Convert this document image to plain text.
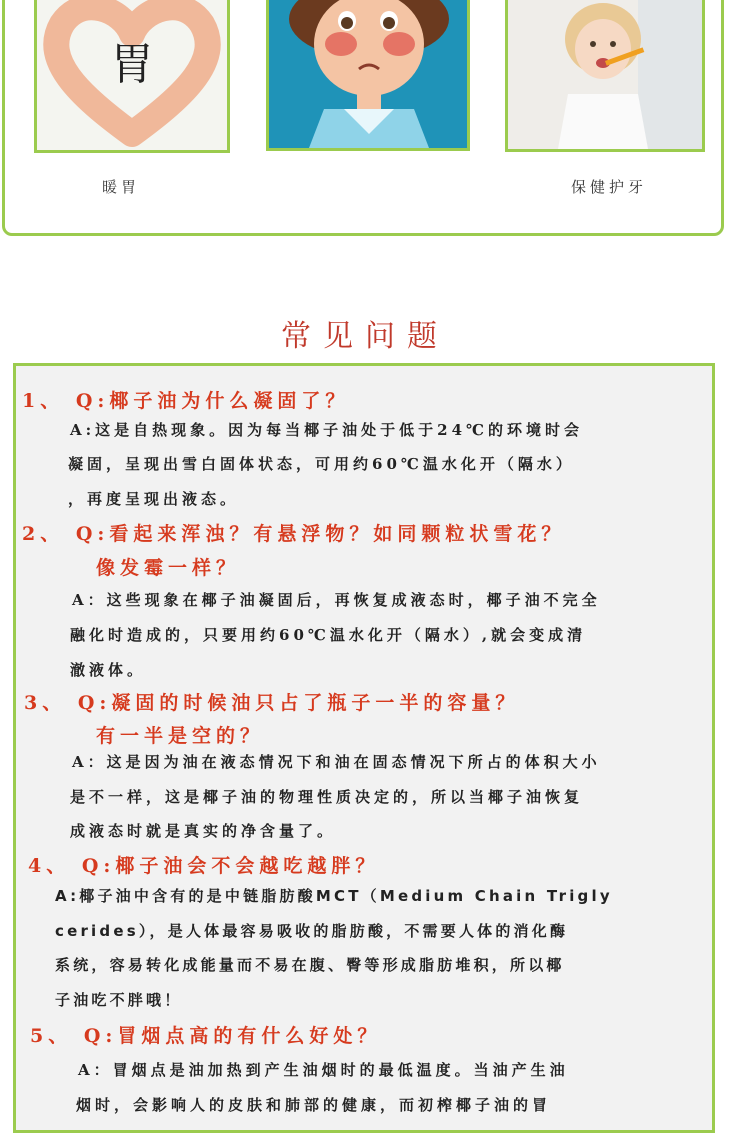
胃
暖胃	保健护牙
常见问题
1、 Q:椰子油为什么凝固了？
A:这是自热现象。因为每当椰子油处于低于24℃的环境时会
凝固，呈现出雪白固体状态，可用约60℃温水化开（隔水）
，再度呈现出液态。
2、 Q:看起来浑浊？有悬浮物？如同颗粒状雪花？
像发霉一样？
A：这些现象在椰子油凝固后，再恢复成液态时，椰子油不完全
融化时造成的，只要用约60℃温水化开（隔水）,就会变成清
澈液体。
3、 Q:凝固的时候油只占了瓶子一半的容量？
有一半是空的？
A：这是因为油在液态情况下和油在固态情况下所占的体积大小
是不一样，这是椰子油的物理性质决定的，所以当椰子油恢复
成液态时就是真实的净含量了。
4、 Q:椰子油会不会越吃越胖？
A:椰子油中含有的是中链脂肪酸MCT（Medium Chain Trigly
cerides），是人体最容易吸收的脂肪酸，不需要人体的消化酶
系统，容易转化成能量而不易在腹、臀等形成脂肪堆积，所以椰
子油吃不胖哦！
5、 Q:冒烟点高的有什么好处？
A：冒烟点是油加热到产生油烟时的最低温度。当油产生油
烟时，会影响人的皮肤和肺部的健康，而初榨椰子油的冒
